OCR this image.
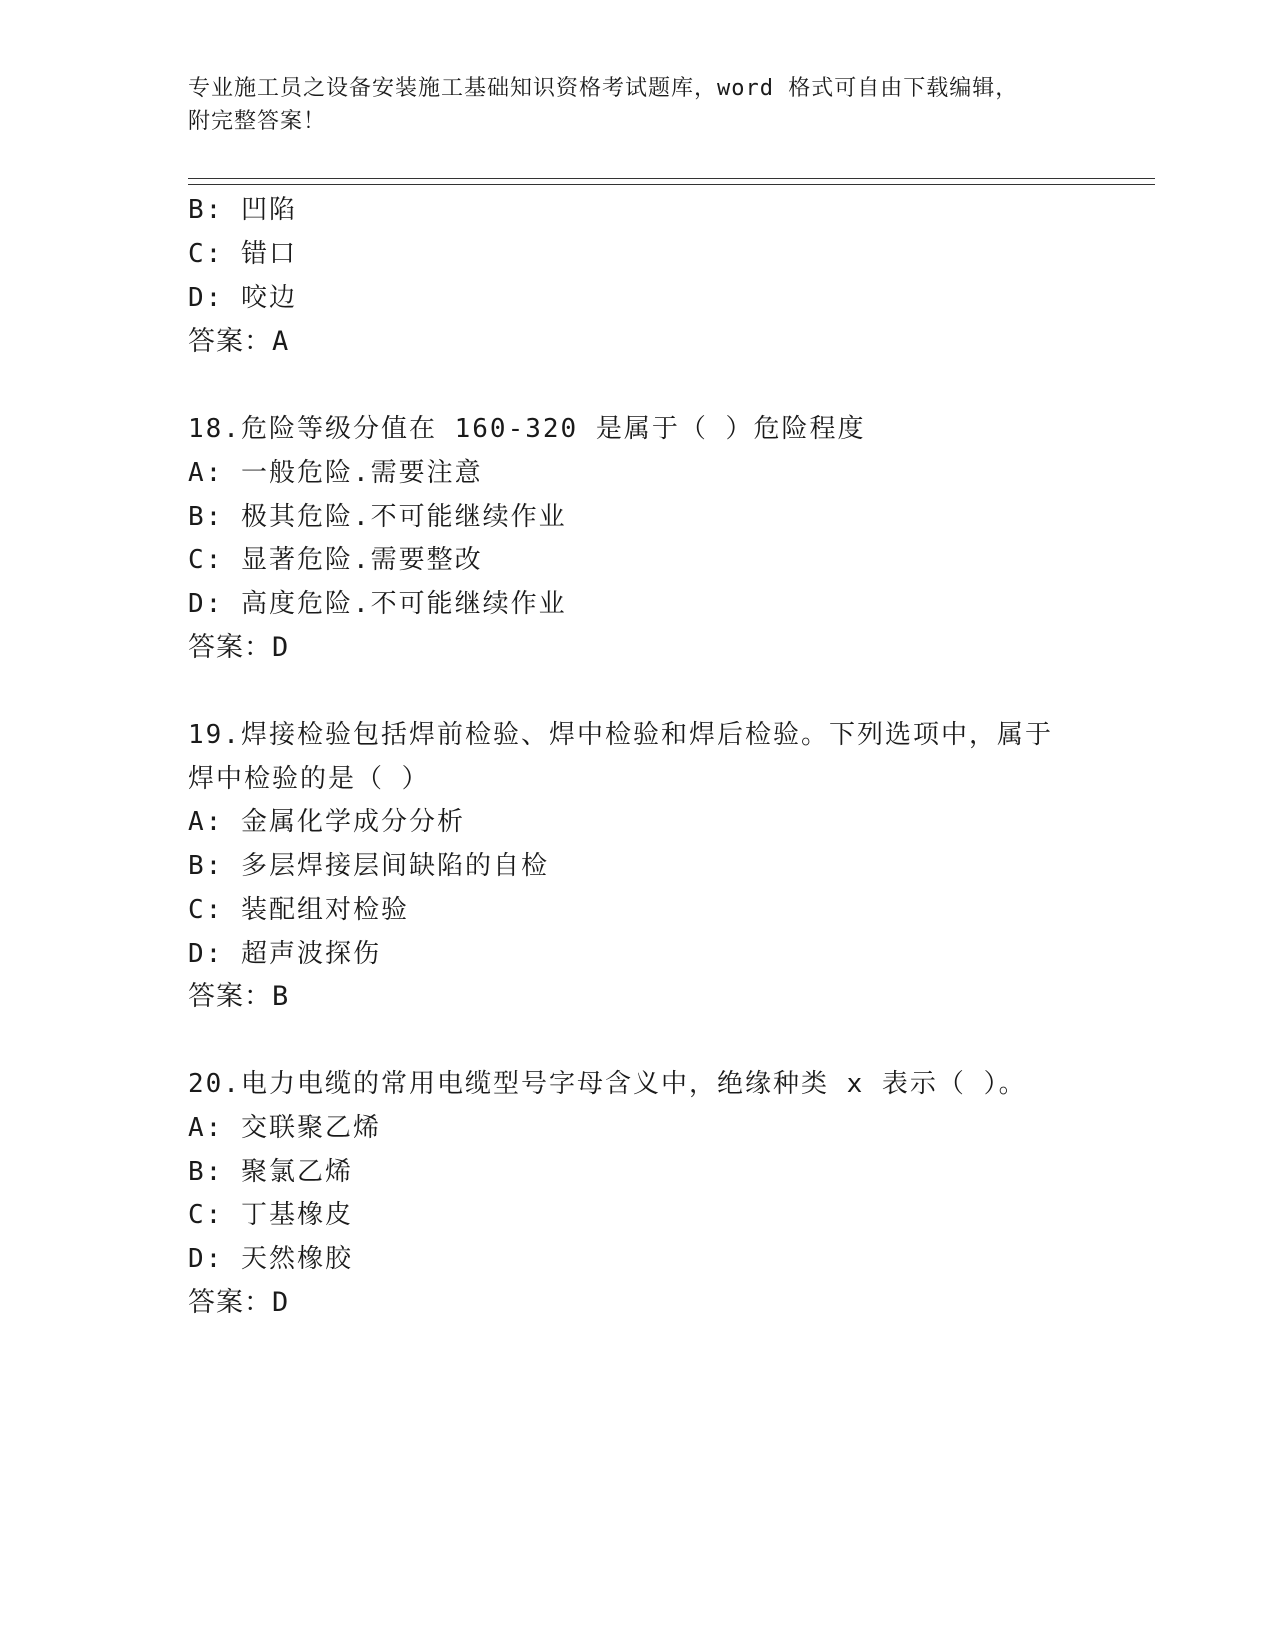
专业施工员之设备安装施工基础知识资格考试题库，word 格式可自由下载编辑，
附完整答案！
B: 凹陷
C: 错口
D: 咬边
答案：A
18.危险等级分值在 160-320 是属于（ ）危险程度
A: 一般危险.需要注意
B: 极其危险.不可能继续作业
C: 显著危险.需要整改
D: 高度危险.不可能继续作业
答案：D
19.焊接检验包括焊前检验、焊中检验和焊后检验。下列选项中，属于
焊中检验的是（ ）
A: 金属化学成分分析
B: 多层焊接层间缺陷的自检
C: 装配组对检验
D: 超声波探伤
答案：B
20.电力电缆的常用电缆型号字母含义中，绝缘种类 x 表示（ ）。
A: 交联聚乙烯
B: 聚氯乙烯
C: 丁基橡皮
D: 天然橡胶
答案：D
